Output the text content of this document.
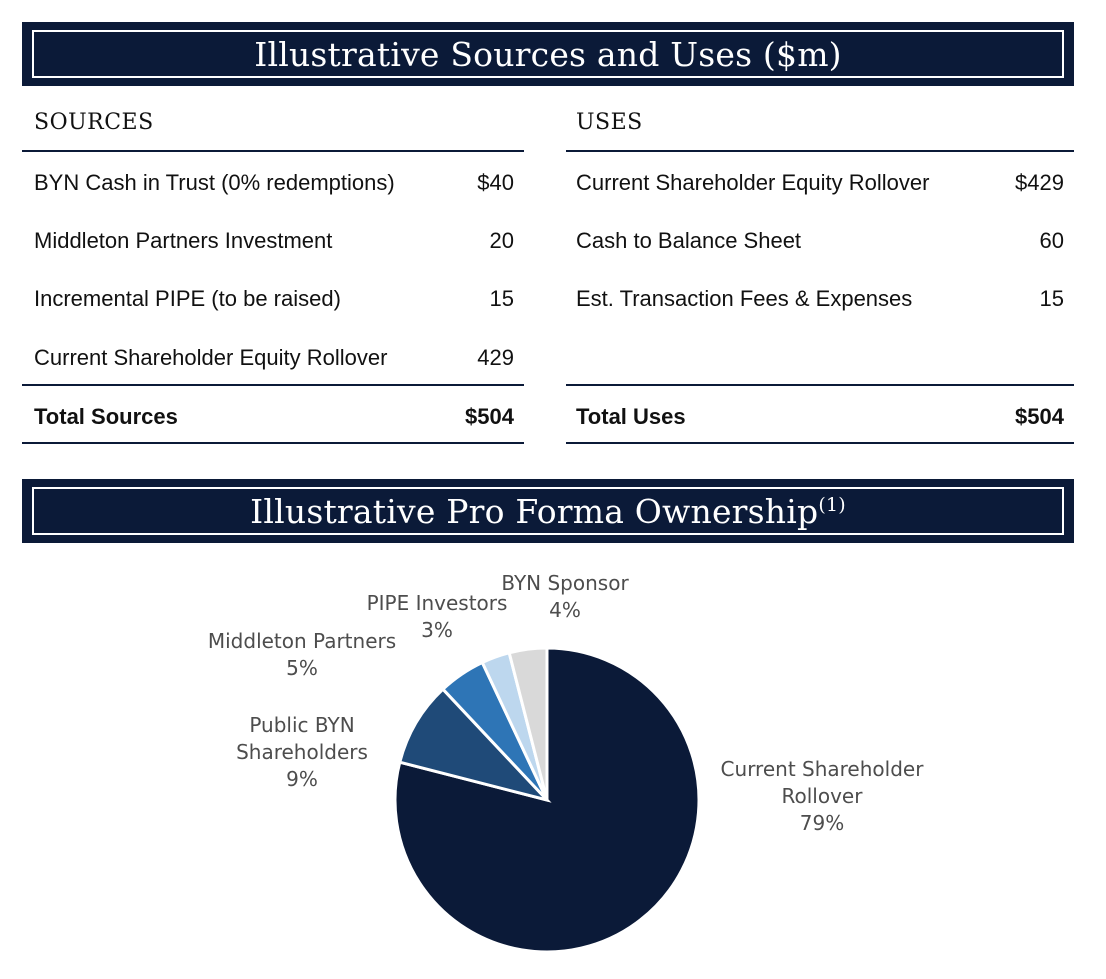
Illustrative Sources and Uses ($m)
SOURCES
BYN Cash in Trust (0% redemptions)	$40
Middleton Partners Investment	20
Incremental PIPE (to be raised)	15
Current Shareholder Equity Rollover	429
Total Sources	$504
USES
Current Shareholder Equity Rollover	$429
Cash to Balance Sheet	60
Est. Transaction Fees & Expenses	15
Total Uses	$504
Illustrative Pro Forma Ownership$^{(1)}$
Current Shareholder Rollover 79%
Public BYN Shareholders 9%
Middleton Partners 5%
PIPE Investors 3%
BYN Sponsor 4%
